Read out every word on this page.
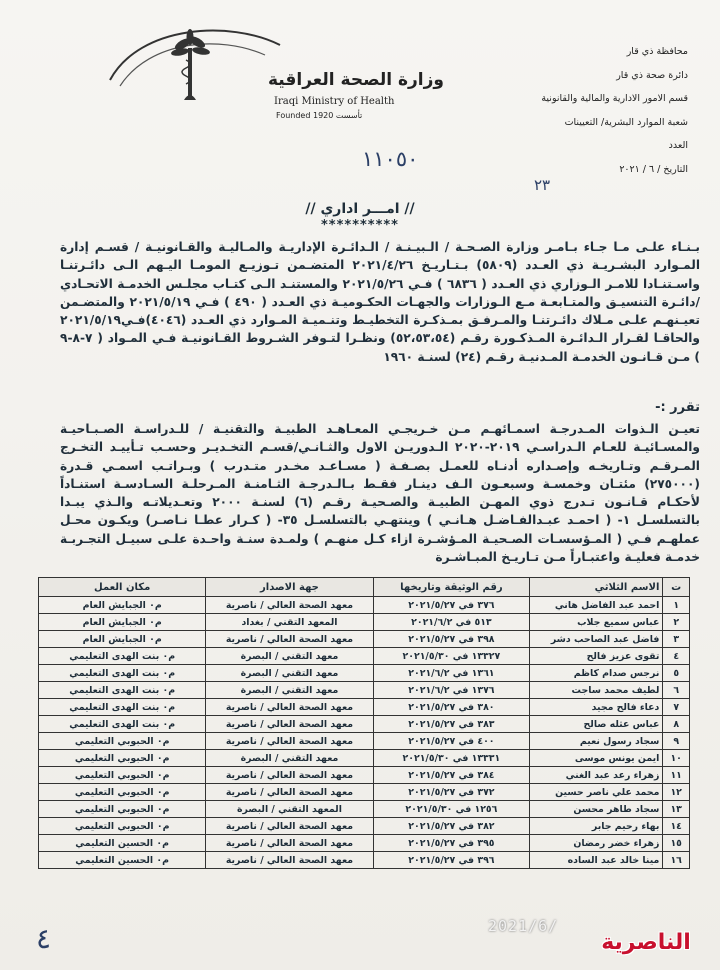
وزارة الصحة العراقية
Iraqi Ministry of Health
Founded 1920 تأسست
محافظة ذي قار
دائرة صحة ذي قار
قسم الامور الادارية والمالية والقانونية
شعبة الموارد البشرية/ التعيينات
العدد
التاريخ / ٦ / ٢٠٢١
١١٠٥٠
٢٣
// امـــر اداري //
**********
بـنـاء علـى مـا جـاء بـامـر وزارة الصـحـة / الـبيـنـة / الـدائـرة الإداريـة والمـاليـة والقـانونيـة / قسـم إدارة المـوارد البشـريـة ذي العـدد (٥٨٠٩) بـتـاريـخ ٢٠٢١/٤/٢٦ المتضـمن تـوزيـع المومـا اليـهم الـى دائـرتنـا واسـتنـادا للامـر الـوزاري ذي العـدد ( ٦٨٣٦ ) فـي ٢٠٢١/٥/٢٦ والمستنـد الـى كتـاب مجلـس الخدمـة الاتحـادي /دائـرة التنسيـق والمتـابعـة مـع الـوزارات والجهـات الحكـوميـة ذي العـدد ( ٤٩٠ ) فـي ٢٠٢١/٥/١٩ والمتضـمن تعيـنهـم علـى مـلاك دائـرتنـا والمـرفـق بمـذكـرة التخطيـط وتنـميـة المـوارد ذي العـدد (٤٠٤٦)فـي٢٠٢١/٥/١٩ والحاقـا لقـرار الـدائـرة المـذكـورة رقـم (٥٢،٥٣،٥٤) ونظـرا لتـوفر الشـروط القـانونيـة فـي المـواد ( ٧-٨-٩ ) مـن قـانـون الخدمـة المـدنيـة رقـم (٢٤) لسنـة ١٩٦٠
تقرر :-
تعيـن الـذوات المـدرجـة اسمـائهـم مـن خـريجـي المعـاهـد الطبيـة والتقنيـة / للـدراسـة الصـبـاحيـة والمسـائيـة للعـام الـدراسـي ٢٠١٩-٢٠٢٠ الـدوريـن الاول والثـانـي/قسـم التخـديـر وحسـب تـأييـد التخـرج المـرقـم وتـاريخـه وإصـداره أدنـاه للعمـل بصـفـة ( مسـاعـد مخـدر متـدرب ) وبـراتـب اسمـي قـدرة (٢٧٥٠٠٠) مئتـان وخمسـة وسبعـون الـف دينـار فقـط بـالـدرجـة الثـامنـة المـرحلـة السـادسـة استنـاداً لأحكـام قـانـون تـدرج ذوي المهـن الطبيـة والصـحيـة رقـم (٦) لسنـة ٢٠٠٠ وتعـديلاتـه والـذي يبـدا بالتسلسـل ١- ( احمـد عبـدالفـاضـل هـانـي ) وينتهـي بالتسلسـل ٣٥- ( كـرار عطـا نـاصـر) ويكـون محـل عملهـم فـي ( المـؤسسـات الصـحيـة المـؤشـرة ازاء كـل منهـم ) ولمـدة سنـة واحـدة علـى سبيـل التجـربـة خدمـة فعليـة واعتبـاراً مـن تـاريـخ المبـاشـرة
ت	الاسم الثلاثي	رقم الوثيقة وتاريخها	جهة الاصدار	مكان العمل
١	احمد عبد الفاضل هاني	٣٧٦ في ٢٠٢١/٥/٢٧	معهد الصحة العالي / ناصرية	م٠ الجبايش العام
٢	عباس سميع جلاب	٥١٣ في ٢٠٢١/٦/٢	المعهد التقني / بغداد	م٠ الجبايش العام
٣	فاضل عبد الصاحب دشر	٣٩٨ في ٢٠٢١/٥/٢٧	معهد الصحة العالي / ناصرية	م٠ الجبايش العام
٤	تقوى عزيز فالح	١٣٣٢٧ في ٢٠٢١/٥/٣٠	معهد التقني / البصرة	م٠ بنت الهدى التعليمي
٥	نرجس صدام كاظم	١٣٦١ في ٢٠٢١/٦/٢	معهد التقني / البصرة	م٠ بنت الهدى التعليمي
٦	لطيف محمد ساجت	١٣٧٦ في ٢٠٢١/٦/٢	معهد التقني / البصرة	م٠ بنت الهدى التعليمي
٧	دعاء فالح مجيد	٣٨٠ في ٢٠٢١/٥/٢٧	معهد الصحة العالي / ناصرية	م٠ بنت الهدى التعليمي
٨	عباس عثله صالح	٣٨٣ في ٢٠٢١/٥/٢٧	معهد الصحة العالي / ناصرية	م٠ بنت الهدى التعليمي
٩	سجاد رسول نعيم	٤٠٠ في ٢٠٢١/٥/٢٧	معهد الصحة العالي / ناصرية	م٠ الحبوبي التعليمي
١٠	ايمن يونس موسى	١٣٣٣١ في ٢٠٢١/٥/٣٠	معهد التقني / البصرة	م٠ الحبوبي التعليمي
١١	زهراء رعد عبد الغني	٣٨٤ في ٢٠٢١/٥/٢٧	معهد الصحة العالي / ناصرية	م٠ الحبوبي التعليمي
١٢	محمد علي ناصر حسين	٣٧٢ في ٢٠٢١/٥/٢٧	معهد الصحة العالي / ناصرية	م٠ الحبوبي التعليمي
١٣	سجاد طاهر محسن	١٢٥٦ في ٢٠٢١/٥/٣٠	المعهد التقني / البصرة	م٠ الحبوبي التعليمي
١٤	بهاء رحيم جابر	٣٨٢ في ٢٠٢١/٥/٢٧	معهد الصحة العالي / ناصرية	م٠ الحبوبي التعليمي
١٥	زهراء خضر رمضان	٣٩٥ في ٢٠٢١/٥/٢٧	معهد الصحة العالي / ناصرية	م٠ الحسين التعليمي
١٦	مينا خالد عبد الساده	٣٩٦ في ٢٠٢١/٥/٢٧	معهد الصحة العالي / ناصرية	م٠ الحسين التعليمي
٤	2021/6/
الناصرية
